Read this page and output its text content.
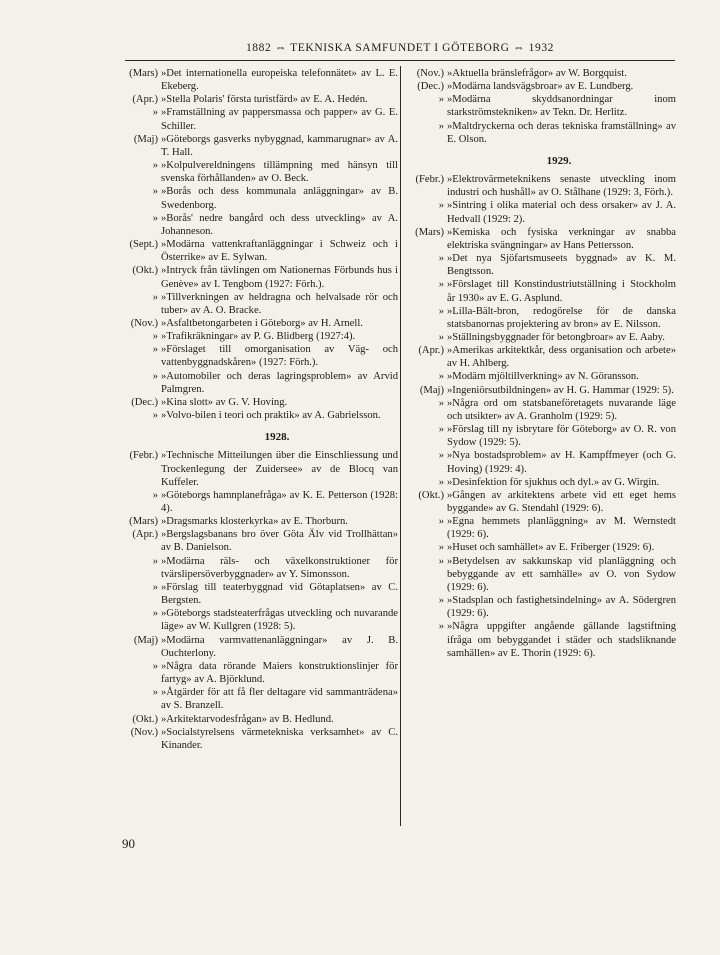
1882 ⇔ TEKNISKA SAMFUNDET I GÖTEBORG ⇔ 1932
(Mars) »Det internationella europeiska telefonnätet» av L. E. Ekeberg.
(Apr.) »Stella Polaris' första turistfärd» av E. A. Hedén.
» »Framställning av pappersmassa och papper» av G. E. Schiller.
(Maj) »Göteborgs gasverks nybyggnad, kammarugnar» av A. T. Hall.
» »Kolpulvereldningens tillämpning med hänsyn till svenska förhållanden» av O. Beck.
» »Borås och dess kommunala anläggningar» av B. Swedenborg.
» »Borås' nedre bangård och dess utveckling» av A. Johanneson.
(Sept.) »Modärna vattenkraftanläggningar i Schweiz och i Österrike» av E. Sylwan.
(Okt.) »Intryck från tävlingen om Nationernas Förbunds hus i Genève» av I. Tengbom (1927: Förh.).
» »Tillverkningen av heldragna och helvalsade rör och tuber» av A. O. Bracke.
(Nov.) »Asfaltbetongarbeten i Göteborg» av H. Arnell.
» »Trafikräkningar» av P. G. Blidberg (1927:4).
» »Förslaget till omorganisation av Väg- och vattenbyggnadskåren» (1927: Förh.).
» »Automobiler och deras lagringsproblem» av Arvid Palmgren.
(Dec.) »Kina slott» av G. V. Hoving.
» »Volvo-bilen i teori och praktik» av A. Gabrielsson.
1928.
(Febr.) »Technische Mitteilungen über die Einschliessung und Trockenlegung der Zuidersee» av de Blocq van Kuffeler.
» »Göteborgs hamnplanefråga» av K. E. Petterson (1928: 4).
(Mars) »Dragsmarks klosterkyrka» av E. Thorburn.
(Apr.) »Bergslagsbanans bro över Göta Älv vid Trollhättan» av B. Danielson.
» »Modärna räls- och växelkonstruktioner för tvärslipersöverbyggnader» av Y. Simonsson.
» »Förslag till teaterbyggnad vid Götaplatsen» av C. Bergsten.
» »Göteborgs stadsteaterfrågas utveckling och nuvarande läge» av W. Kullgren (1928: 5).
(Maj) »Modärna varmvattenanläggningar» av J. B. Ouchterlony.
» »Några data rörande Maiers konstruktionslinjer för fartyg» av A. Björklund.
» »Åtgärder för att få fler deltagare vid sammanträdena» av S. Branzell.
(Okt.) »Arkitektarvodesfrågan» av B. Hedlund.
(Nov.) »Socialstyrelsens värmetekniska verksamhet» av C. Kinander.
(Nov.) »Aktuella bränslefrågor» av W. Borgquist.
(Dec.) »Modärna landsvägsbroar» av E. Lundberg.
» »Modärna skyddsanordningar inom starkströmstekniken» av Tekn. Dr. Herlitz.
» »Maltdryckerna och deras tekniska framställning» av E. Olson.
1929.
(Febr.) »Elektrovärmeteknikens senaste utveckling inom industri och hushåll» av O. Stålhane (1929: 3, Förh.).
» »Sintring i olika material och dess orsaker» av J. A. Hedvall (1929: 2).
(Mars) »Kemiska och fysiska verkningar av snabba elektriska svängningar» av Hans Pettersson.
» »Det nya Sjöfartsmuseets byggnad» av K. M. Bengtsson.
» »Förslaget till Konstindustriutställning i Stockholm år 1930» av E. G. Asplund.
» »Lilla-Bält-bron, redogörelse för de danska statsbanornas projektering av bron» av E. Nilsson.
» »Ställningsbyggnader för betongbroar» av E. Aaby.
(Apr.) »Amerikas arkitektkår, dess organisation och arbete» av H. Ahlberg.
» »Modärn mjöltillverkning» av N. Göransson.
(Maj) »Ingeniörsutbildningen» av H. G. Hammar (1929: 5).
» »Några ord om statsbaneföretagets nuvarande läge och utsikter» av A. Granholm (1929: 5).
» »Förslag till ny isbrytare för Göteborg» av O. R. von Sydow (1929: 5).
» »Nya bostadsproblem» av H. Kampffmeyer (och G. Hoving) (1929: 4).
» »Desinfektion för sjukhus och dyl.» av G. Wirgin.
(Okt.) »Gången av arkitektens arbete vid ett eget hems byggande» av G. Stendahl (1929: 6).
» »Egna hemmets planläggning» av M. Wernstedt (1929: 6).
» »Huset och samhället» av E. Friberger (1929: 6).
» »Betydelsen av sakkunskap vid planläggning och bebyggande av ett samhälle» av O. von Sydow (1929: 6).
» »Stadsplan och fastighetsindelning» av A. Södergren (1929: 6).
» »Några uppgifter angående gällande lagstiftning ifråga om bebyggandet i städer och stadsliknande samhällen» av E. Thorin (1929: 6).
90
